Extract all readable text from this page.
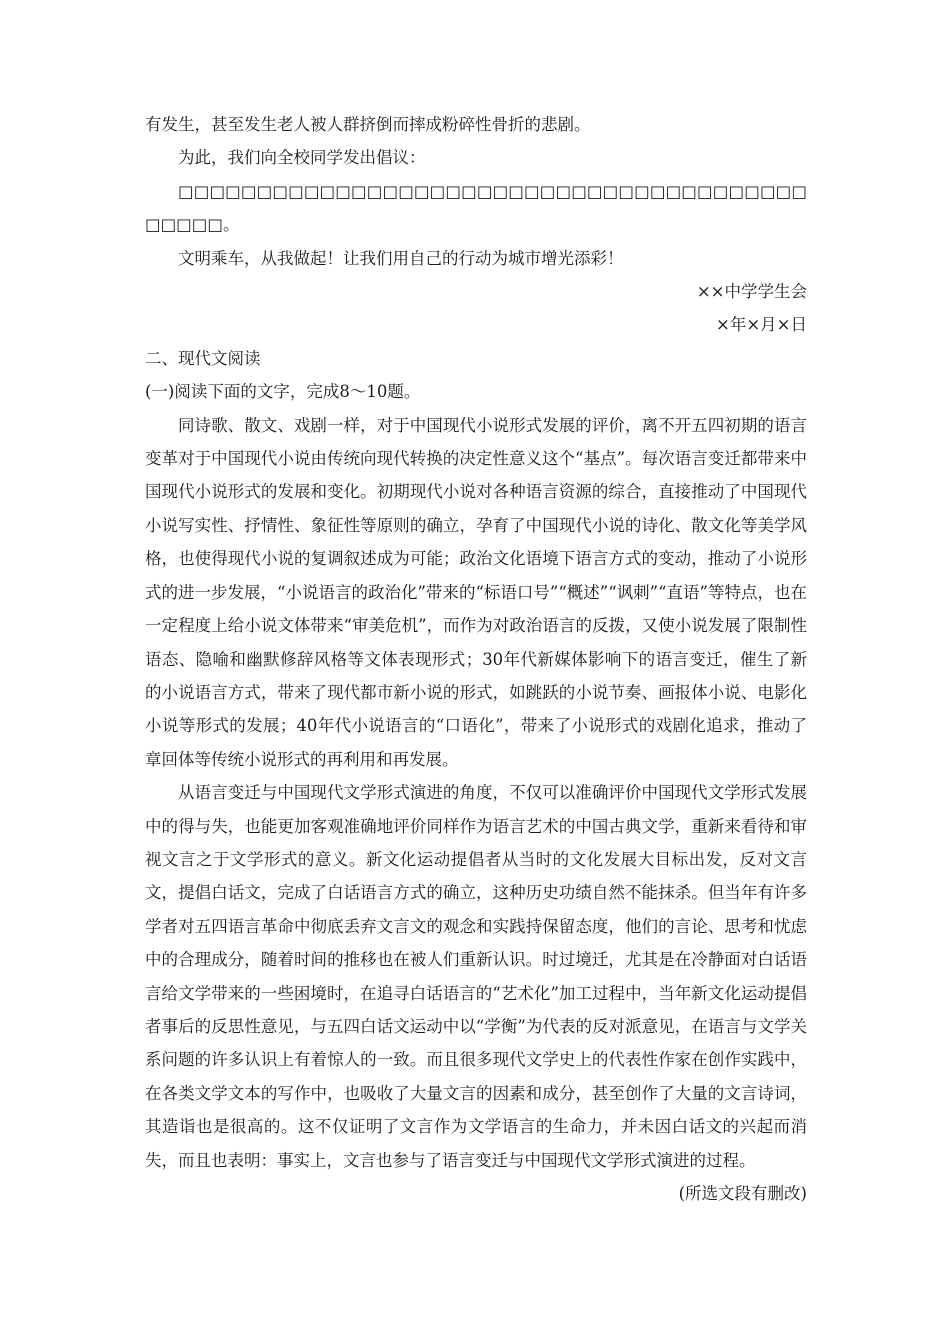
有发生，甚至发生老人被人群挤倒而摔成粉碎性骨折的悲剧。

为此，我们向全校同学发出倡议：

□□□□□□□□□□□□□□□□□□□□□□□□□□□□□□□□□□□□□□□□□□□□□。

文明乘车，从我做起！让我们用自己的行动为城市增光添彩！

××中学学生会

×年×月×日

二、现代文阅读

(一)阅读下面的文字，完成8～10题。

同诗歌、散文、戏剧一样，对于中国现代小说形式发展的评价，离不开五四初期的语言变革对于中国现代小说由传统向现代转换的决定性意义这个“基点”。每次语言变迁都带来中国现代小说形式的发展和变化。初期现代小说对各种语言资源的综合，直接推动了中国现代小说写实性、抒情性、象征性等原则的确立，孕育了中国现代小说的诗化、散文化等美学风格，也使得现代小说的复调叙述成为可能；政治文化语境下语言方式的变动，推动了小说形式的进一步发展，“小说语言的政治化”带来的“标语口号”“概述”“讽刺”“直语”等特点，也在一定程度上给小说文体带来“审美危机”，而作为对政治语言的反拨，又使小说发展了限制性语态、隐喻和幽默修辞风格等文体表现形式；30年代新媒体影响下的语言变迁，催生了新的小说语言方式，带来了现代都市新小说的形式，如跳跃的小说节奏、画报体小说、电影化小说等形式的发展；40年代小说语言的“口语化”，带来了小说形式的戏剧化追求，推动了章回体等传统小说形式的再利用和再发展。

从语言变迁与中国现代文学形式演进的角度，不仅可以准确评价中国现代文学形式发展中的得与失，也能更加客观准确地评价同样作为语言艺术的中国古典文学，重新来看待和审视文言之于文学形式的意义。新文化运动提倡者从当时的文化发展大目标出发，反对文言文，提倡白话文，完成了白话语言方式的确立，这种历史功绩自然不能抹杀。但当年有许多学者对五四语言革命中彻底丢弃文言文的观念和实践持保留态度，他们的言论、思考和忧虑中的合理成分，随着时间的推移也在被人们重新认识。时过境迁，尤其是在冷静面对白话语言给文学带来的一些困境时，在追寻白话语言的“艺术化”加工过程中，当年新文化运动提倡者事后的反思性意见，与五四白话文运动中以“学衡”为代表的反对派意见，在语言与文学关系问题的许多认识上有着惊人的一致。而且很多现代文学史上的代表性作家在创作实践中，在各类文学文本的写作中，也吸收了大量文言的因素和成分，甚至创作了大量的文言诗词，其造诣也是很高的。这不仅证明了文言作为文学语言的生命力，并未因白话文的兴起而消失，而且也表明：事实上，文言也参与了语言变迁与中国现代文学形式演进的过程。

(所选文段有删改)
